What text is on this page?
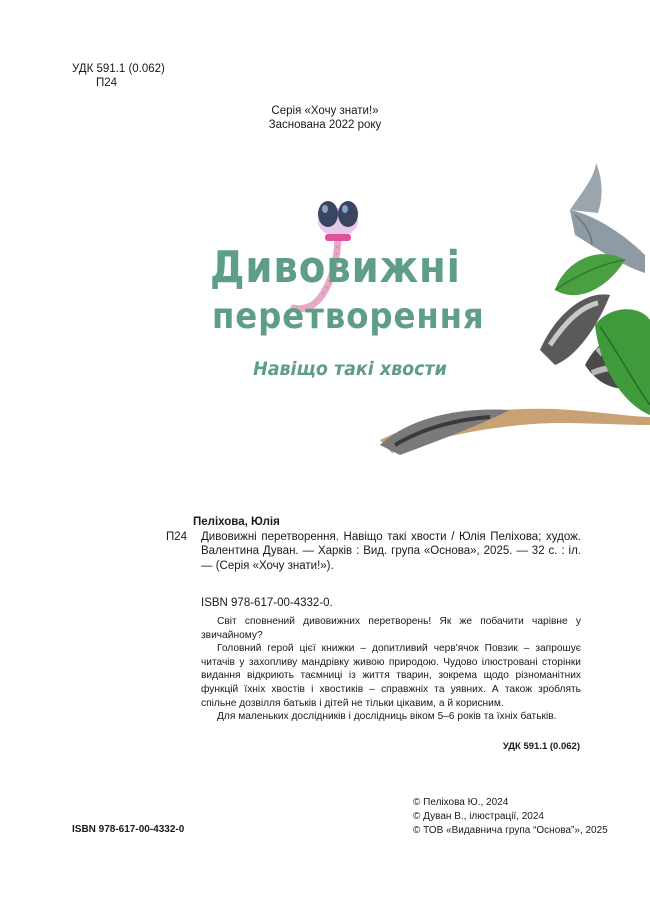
УДК 591.1 (0.062)
П24
Серія «Хочу знати!»
Заснована 2022 року
Дивовижні
перетворення
Навіщо такі хвости
Пеліхова, Юлія
П24 Дивовижні перетворення. Навіщо такі хвости / Юлія Пеліхова; худож. Валентина Дуван. — Харків : Вид. група «Основа», 2025. — 32 с. : іл. — (Серія «Хочу знати!»).
ISBN 978-617-00-4332-0.

Світ сповнений дивовижних перетворень! Як же побачити чарівне у звичайному?

Головний герой цієї книжки – допитливий черв'ячок Повзик – запрошує читачів у захопливу мандрівку живою природою. Чудово ілюстровані сторінки видання відкриють таємниці із життя тварин, зокрема щодо різноманітних функцій їхніх хвостів і хвостиків – справжніх та уявних. А також зроблять спільне дозвілля батьків і дітей не тільки цікавим, а й корисним.

Для маленьких дослідників і дослідниць віком 5–6 років та їхніх батьків.

УДК 591.1 (0.062)
ISBN 978-617-00-4332-0
© Пеліхова Ю., 2024
© Дуван В., ілюстрації, 2024
© ТОВ «Видавнича група “Основа”», 2025
